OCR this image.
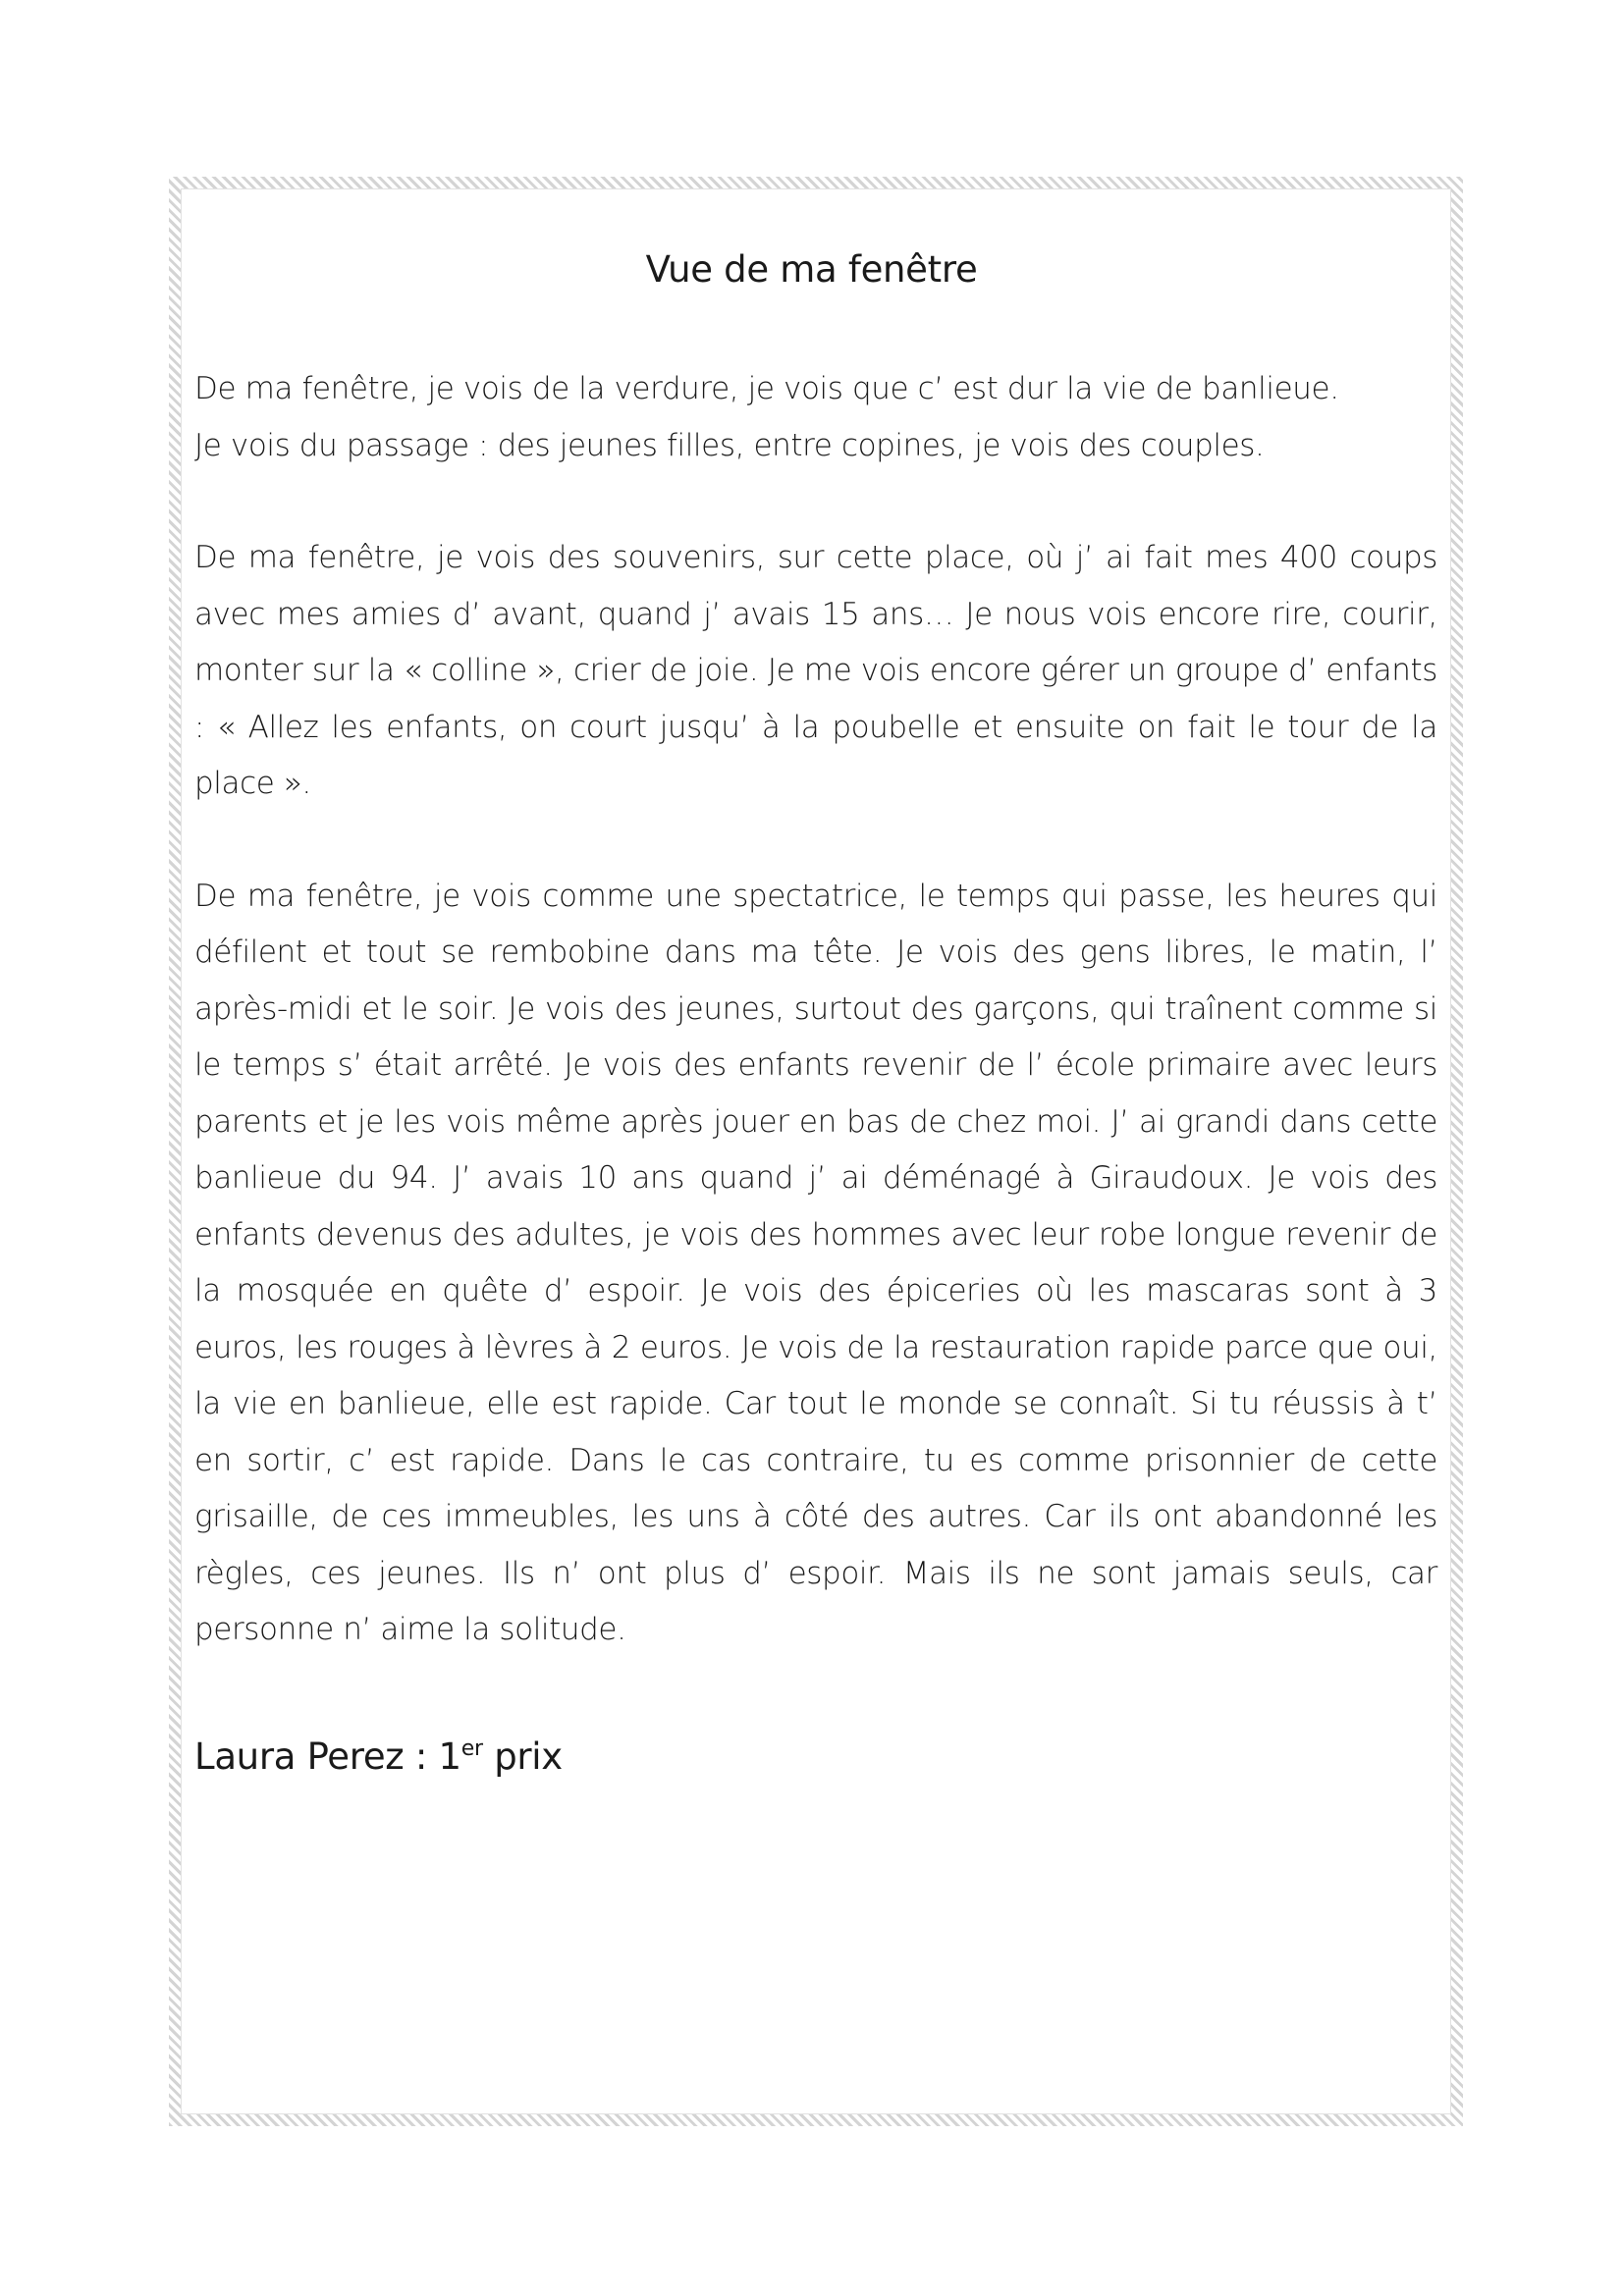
Vue de ma fenêtre

De ma fenêtre, je vois de la verdure, je vois que c’ est dur la vie de banlieue.
Je vois du passage : des jeunes filles, entre copines, je vois des couples.

De ma fenêtre, je vois des souvenirs, sur cette place, où j’ ai fait mes 400 coups avec mes amies d’ avant, quand j’ avais 15 ans… Je nous vois encore rire, courir, monter sur la « colline », crier de joie. Je me vois encore gérer un groupe d’ enfants : « Allez les enfants, on court jusqu’ à la poubelle et ensuite on fait le tour de la place ».

De ma fenêtre, je vois comme une spectatrice, le temps qui passe, les heures qui défilent et tout se rembobine dans ma tête. Je vois des gens libres, le matin, l’ après-midi et le soir. Je vois des jeunes, surtout des garçons, qui traînent comme si le temps s’ était arrêté. Je vois des enfants revenir de l’ école primaire avec leurs parents et je les vois même après jouer en bas de chez moi. J’ ai grandi dans cette banlieue du 94. J’ avais 10 ans quand j’ ai déménagé à Giraudoux. Je vois des enfants devenus des adultes, je vois des hommes avec leur robe longue revenir de la mosquée en quête d’ espoir. Je vois des épiceries où les mascaras sont à 3 euros, les rouges à lèvres à 2 euros. Je vois de la restauration rapide parce que oui, la vie en banlieue, elle est rapide. Car tout le monde se connaît. Si tu réussis à t’ en sortir, c’ est rapide. Dans le cas contraire, tu es comme prisonnier de cette grisaille, de ces immeubles, les uns à côté des autres. Car ils ont abandonné les règles, ces jeunes. Ils n’ ont plus d’ espoir. Mais ils ne sont jamais seuls, car personne n’ aime la solitude.

Laura Perez : 1er prix
